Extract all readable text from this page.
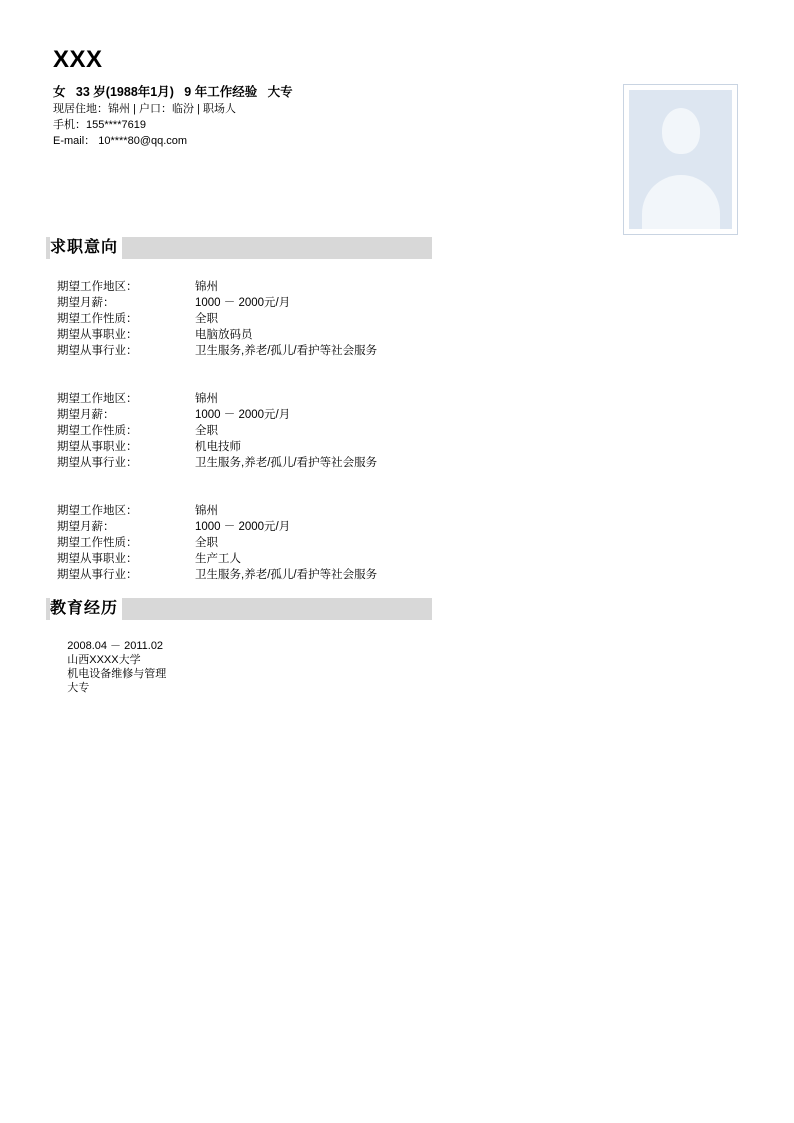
XXX
女   33 岁(1988年1月)   9 年工作经验   大专
现居住地：锦州 | 户口：临汾 | 职场人
手机：155****7619
E-mail： 10****80@qq.com
求职意向

期望工作地区：

	锦州

期望月薪：

	1000 － 2000元/月

期望工作性质：

	全职

期望从事职业：

	电脑放码员

期望从事行业：

	卫生服务,养老/孤儿/看护等社会服务

期望工作地区：

	锦州

期望月薪：

	1000 － 2000元/月

期望工作性质：

	全职

期望从事职业：

	机电技师

期望从事行业：

	卫生服务,养老/孤儿/看护等社会服务

期望工作地区：

	锦州

期望月薪：

	1000 － 2000元/月

期望工作性质：

	全职

期望从事职业：

	生产工人

期望从事行业：

	卫生服务,养老/孤儿/看护等社会服务

教育经历

2008.04 － 2011.02
山西XXXX大学
机电设备维修与管理
大专
